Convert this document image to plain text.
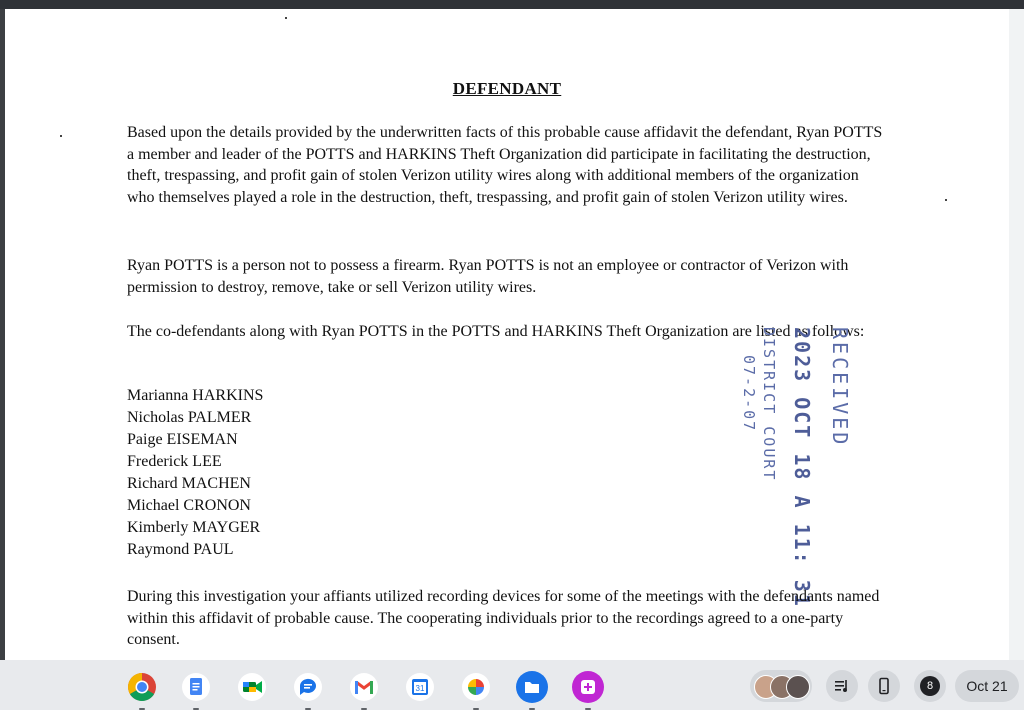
DEFENDANT
Based upon the details provided by the underwritten facts of this probable cause affidavit the defendant, Ryan POTTS a member and leader of the POTTS and HARKINS Theft Organization did participate in facilitating the destruction, theft, trespassing, and profit gain of stolen Verizon utility wires along with additional members of the organization who themselves played a role in the destruction, theft, trespassing, and profit gain of stolen Verizon utility wires.
Ryan POTTS is a person not to possess a firearm. Ryan POTTS is not an employee or contractor of Verizon with permission to destroy, remove, take or sell Verizon utility wires.
The co-defendants along with Ryan POTTS in the POTTS and HARKINS Theft Organization are listed as follows:
Marianna HARKINS
Nicholas PALMER
Paige EISEMAN
Frederick LEE
Richard MACHEN
Michael CRONON
Kimberly MAYGER
Raymond PAUL
RECEIVED
2023 OCT 18 A 11: 31
DISTRICT COURT
07-2-07
During this investigation your affiants utilized recording devices for some of the meetings with the defendants named within this affidavit of probable cause. The cooperating individuals prior to the recordings agreed to a one-party consent.
31	8	Oct 21
